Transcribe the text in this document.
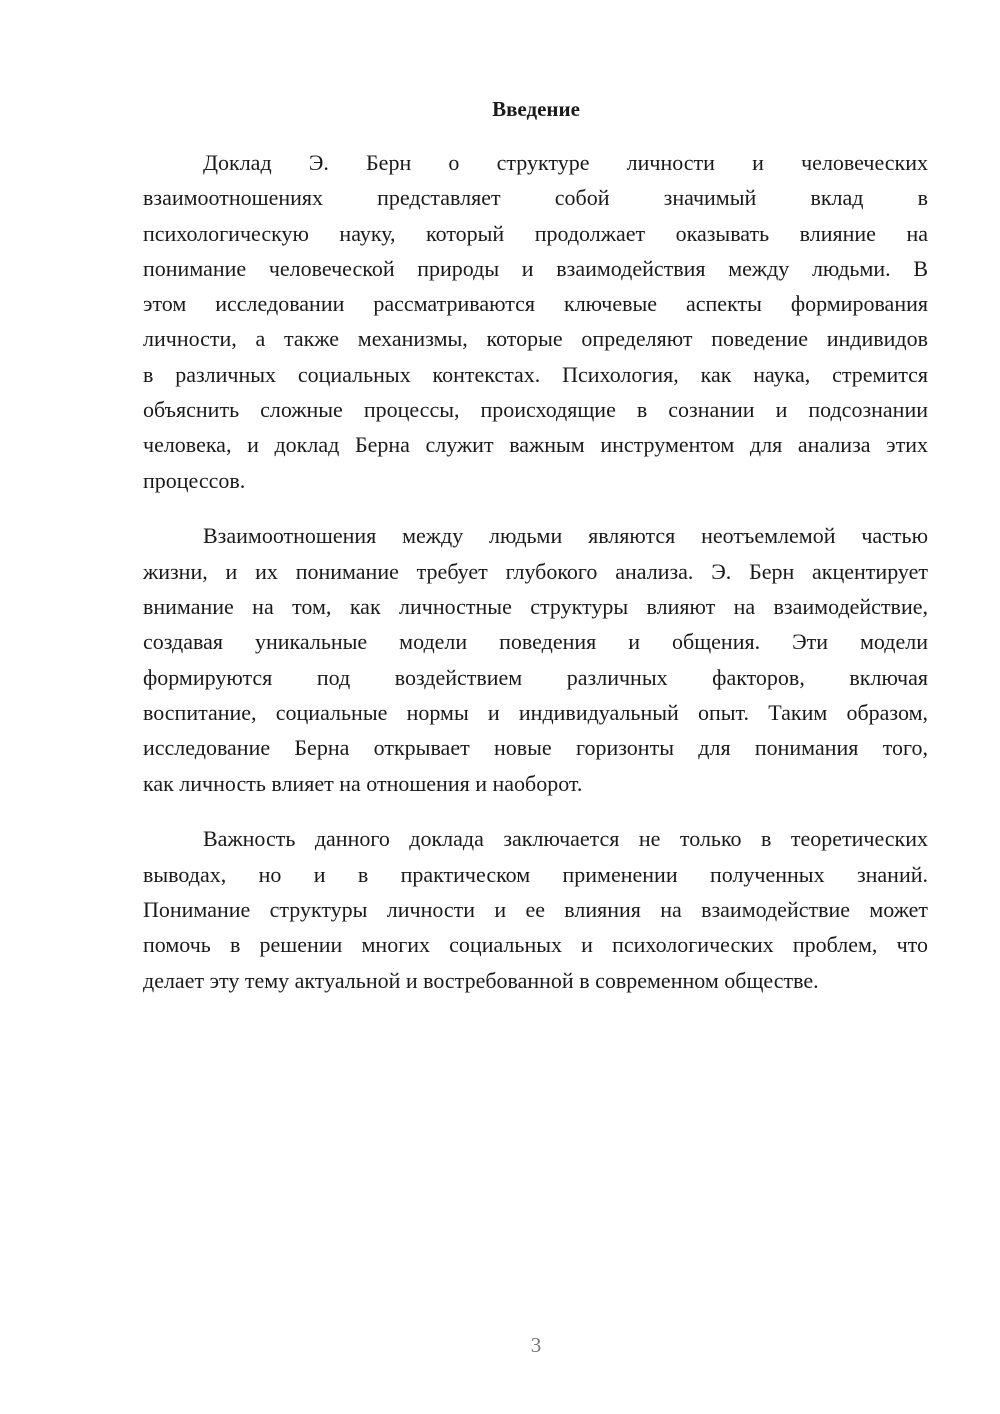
Введение
Доклад Э. Берн о структуре личности и человеческих
взаимоотношениях представляет собой значимый вклад в
психологическую науку, который продолжает оказывать влияние на
понимание человеческой природы и взаимодействия между людьми. В
этом исследовании рассматриваются ключевые аспекты формирования
личности, а также механизмы, которые определяют поведение индивидов
в различных социальных контекстах. Психология, как наука, стремится
объяснить сложные процессы, происходящие в сознании и подсознании
человека, и доклад Берна служит важным инструментом для анализа этих
процессов.
Взаимоотношения между людьми являются неотъемлемой частью
жизни, и их понимание требует глубокого анализа. Э. Берн акцентирует
внимание на том, как личностные структуры влияют на взаимодействие,
создавая уникальные модели поведения и общения. Эти модели
формируются под воздействием различных факторов, включая
воспитание, социальные нормы и индивидуальный опыт. Таким образом,
исследование Берна открывает новые горизонты для понимания того,
как личность влияет на отношения и наоборот.
Важность данного доклада заключается не только в теоретических
выводах, но и в практическом применении полученных знаний.
Понимание структуры личности и ее влияния на взаимодействие может
помочь в решении многих социальных и психологических проблем, что
делает эту тему актуальной и востребованной в современном обществе.
3
